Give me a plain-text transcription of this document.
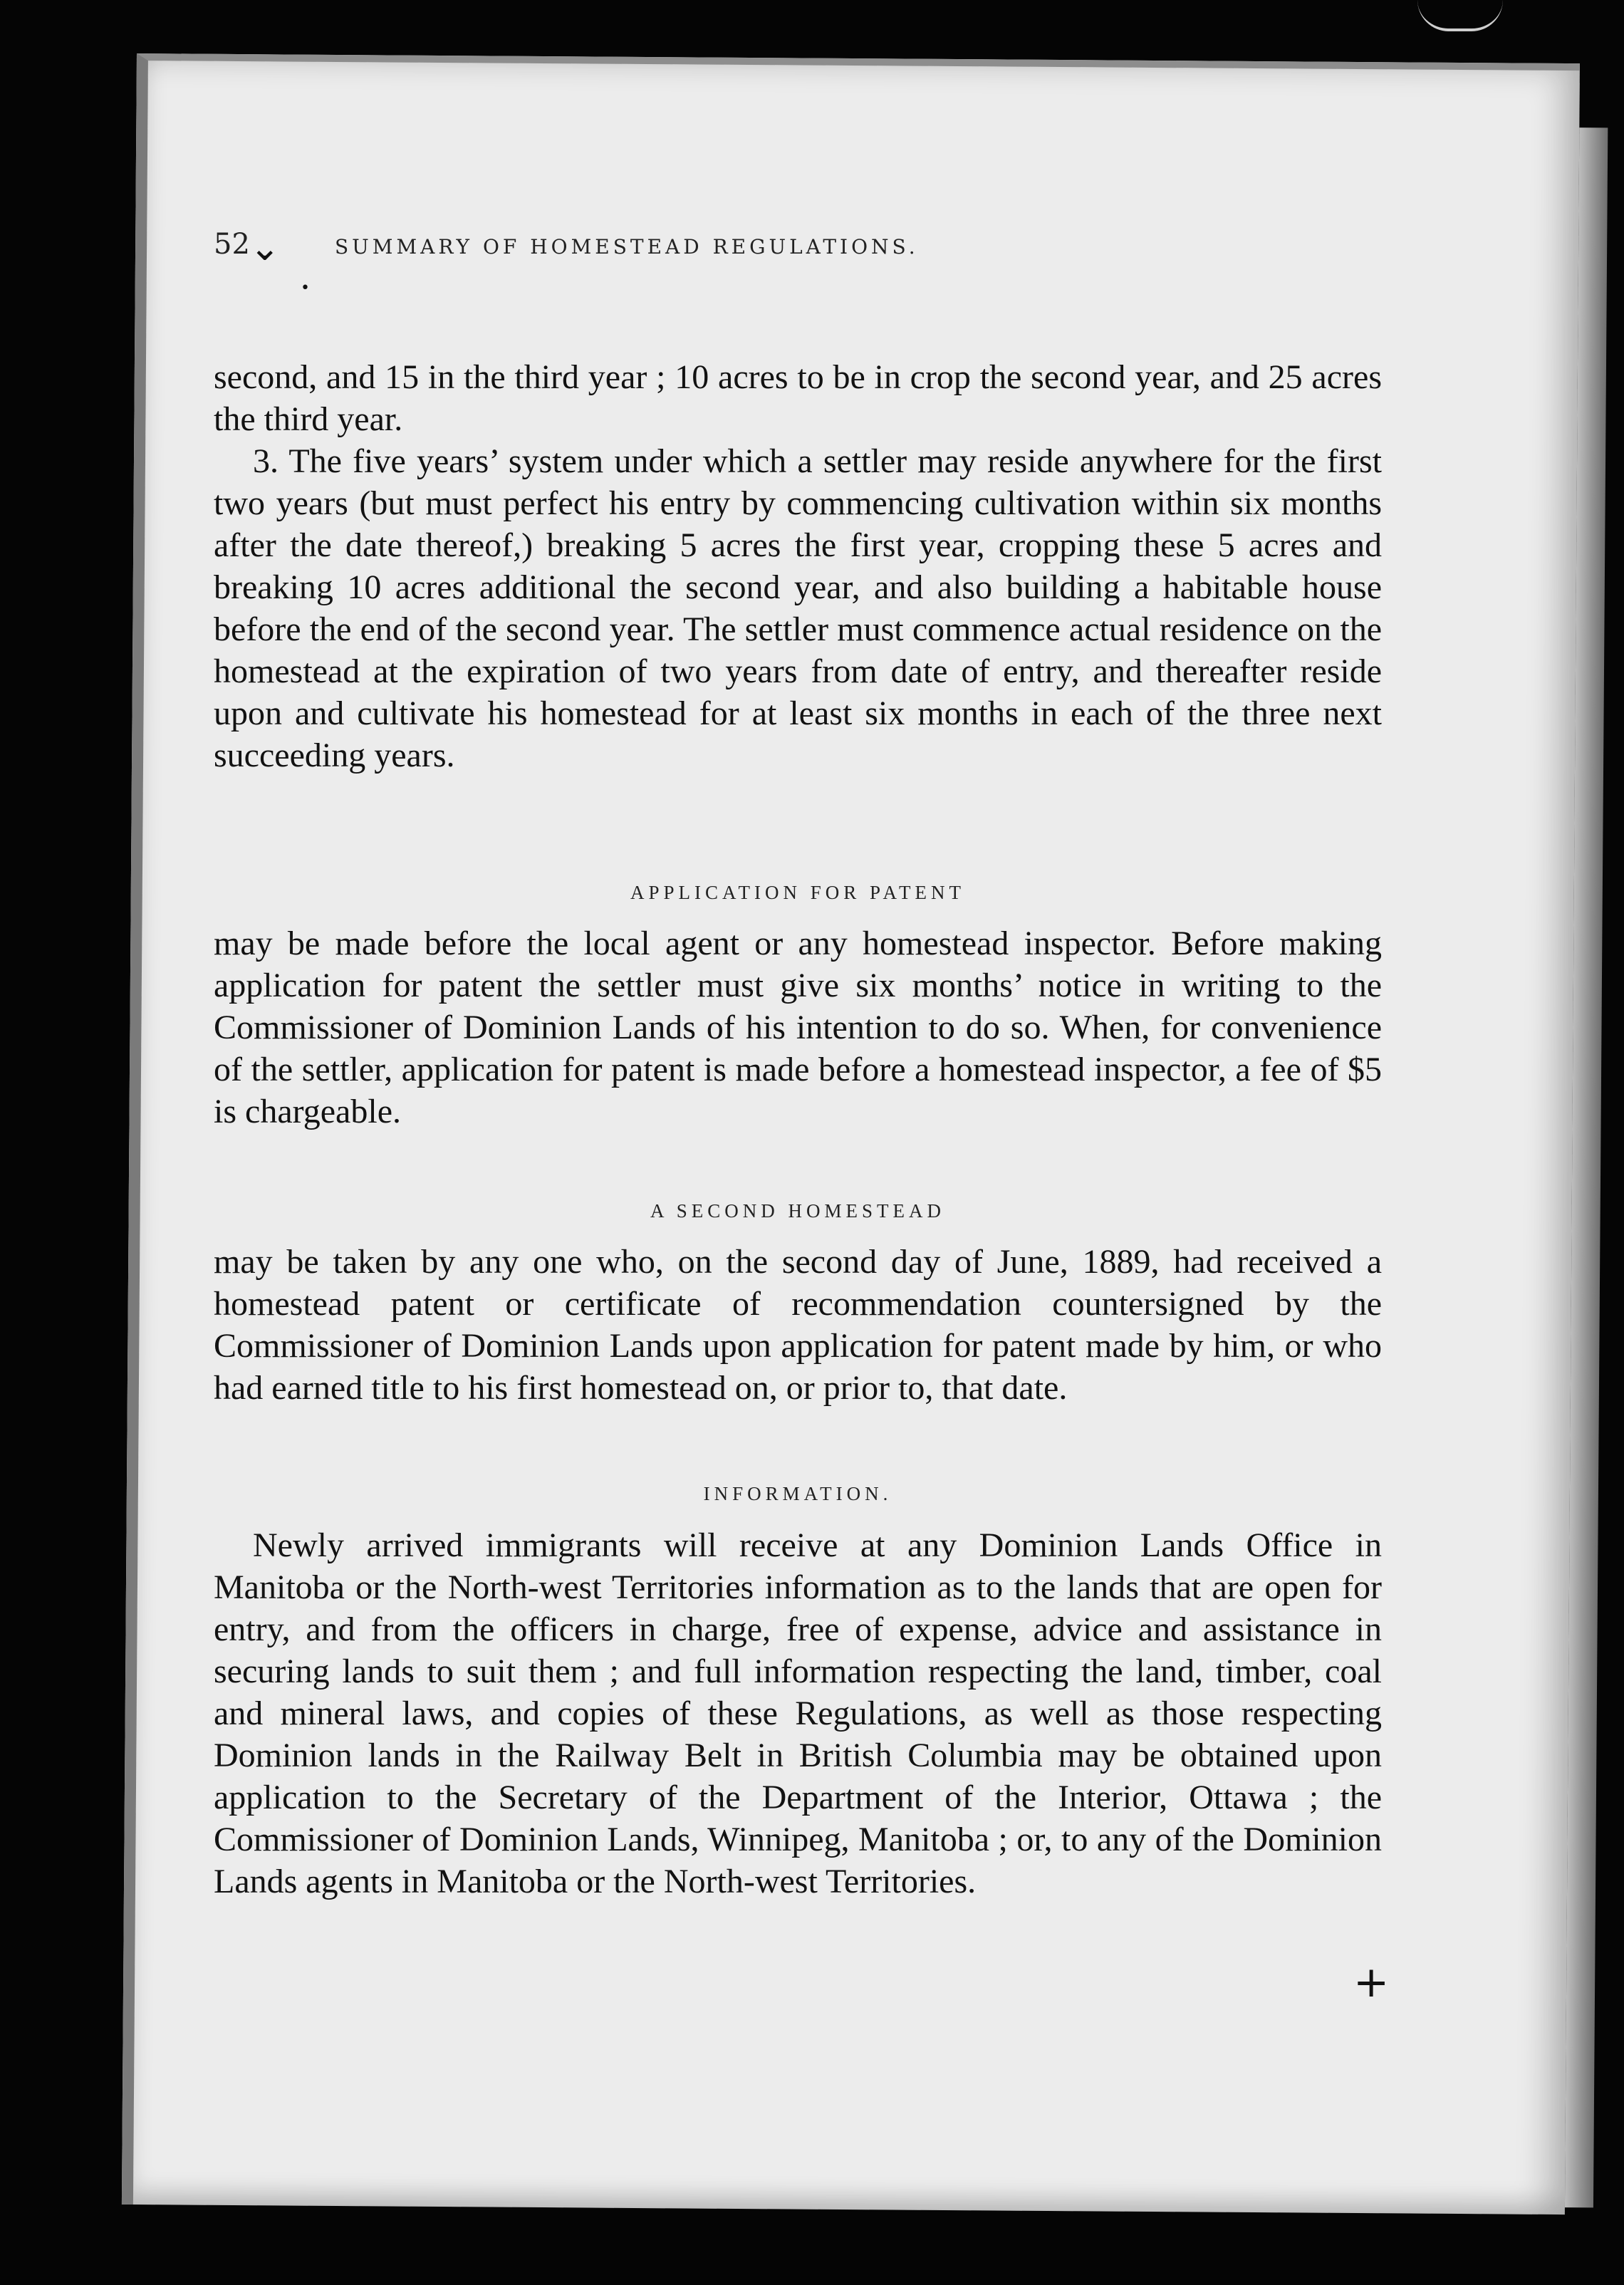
⌄
•
+
52	SUMMARY OF HOMESTEAD REGULATIONS.

second, and 15 in the third year ; 10 acres to be in crop the second year, and 25 acres the third year.

3. The five years’ system under which a settler may reside anywhere for the first two years (but must perfect his entry by commencing cultivation within six months after the date thereof,) breaking 5 acres the first year, cropping these 5 acres and breaking 10 acres additional the second year, and also building a habitable house before the end of the second year. The settler must commence actual residence on the homestead at the expiration of two years from date of entry, and thereafter reside upon and cultivate his homestead for at least six months in each of the three next succeeding years.

APPLICATION FOR PATENT

may be made before the local agent or any homestead inspector. Before making application for patent the settler must give six months’ notice in writing to the Commissioner of Dominion Lands of his intention to do so. When, for convenience of the settler, application for patent is made before a homestead inspector, a fee of $5 is chargeable.

A SECOND HOMESTEAD

may be taken by any one who, on the second day of June, 1889, had received a homestead patent or certificate of recommendation countersigned by the Commissioner of Dominion Lands upon application for patent made by him, or who had earned title to his first homestead on, or prior to, that date.

INFORMATION.

Newly arrived immigrants will receive at any Dominion Lands Office in Manitoba or the North-west Territories information as to the lands that are open for entry, and from the officers in charge, free of expense, advice and assistance in securing lands to suit them ; and full information respecting the land, timber, coal and mineral laws, and copies of these Regulations, as well as those respecting Dominion lands in the Railway Belt in British Columbia may be obtained upon application to the Secretary of the Department of the Interior, Ottawa ; the Commissioner of Dominion Lands, Winnipeg, Manitoba ; or, to any of the Dominion Lands agents in Manitoba or the North-west Territories.
